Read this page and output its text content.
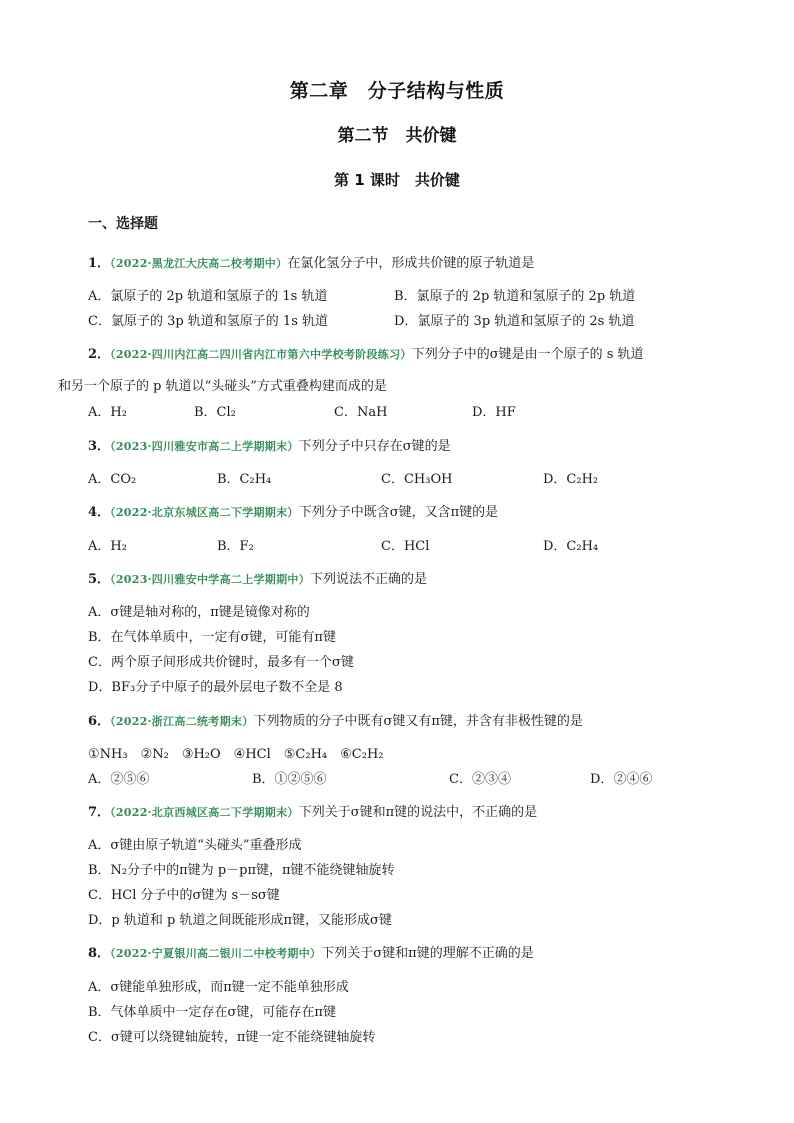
第二章　分子结构与性质
第二节　共价键
第 1 课时　共价键
一、选择题
1．（2022·黑龙江大庆高二校考期中）在氯化氢分子中，形成共价键的原子轨道是
A．氯原子的 2p 轨道和氢原子的 1s 轨道	B．氯原子的 2p 轨道和氢原子的 2p 轨道
C．氯原子的 3p 轨道和氢原子的 1s 轨道	D．氯原子的 3p 轨道和氢原子的 2s 轨道
2．（2022·四川内江高二四川省内江市第六中学校考阶段练习）下列分子中的σ键是由一个原子的 s 轨道
和另一个原子的 p 轨道以“头碰头”方式重叠构建而成的是
A．H₂	B．Cl₂	C．NaH	D．HF
3．（2023·四川雅安市高二上学期期末）下列分子中只存在σ键的是
A．CO₂	B．C₂H₄	C．CH₃OH	D．C₂H₂
4．（2022·北京东城区高二下学期期末）下列分子中既含σ键，又含π键的是
A．H₂	B．F₂	C．HCl	D．C₂H₄
5．（2023·四川雅安中学高二上学期期中）下列说法不正确的是
A．σ键是轴对称的，π键是镜像对称的
B．在气体单质中，一定有σ键，可能有π键
C．两个原子间形成共价键时，最多有一个σ键
D．BF₃分子中原子的最外层电子数不全是 8
6．（2022·浙江高二统考期末）下列物质的分子中既有σ键又有π键，并含有非极性键的是
①NH₃　②N₂　③H₂O　④HCl　⑤C₂H₄　⑥C₂H₂
A．②⑤⑥	B．①②⑤⑥	C．②③④	D．②④⑥
7．（2022·北京西城区高二下学期期末）下列关于σ键和π键的说法中，不正确的是
A．σ键由原子轨道“头碰头”重叠形成
B．N₂分子中的π键为 p－pπ键，π键不能绕键轴旋转
C．HCl 分子中的σ键为 s－sσ键
D．p 轨道和 p 轨道之间既能形成π键，又能形成σ键
8．（2022·宁夏银川高二银川二中校考期中）下列关于σ键和π键的理解不正确的是
A．σ键能单独形成，而π键一定不能单独形成
B．气体单质中一定存在σ键，可能存在π键
C．σ键可以绕键轴旋转，π键一定不能绕键轴旋转
